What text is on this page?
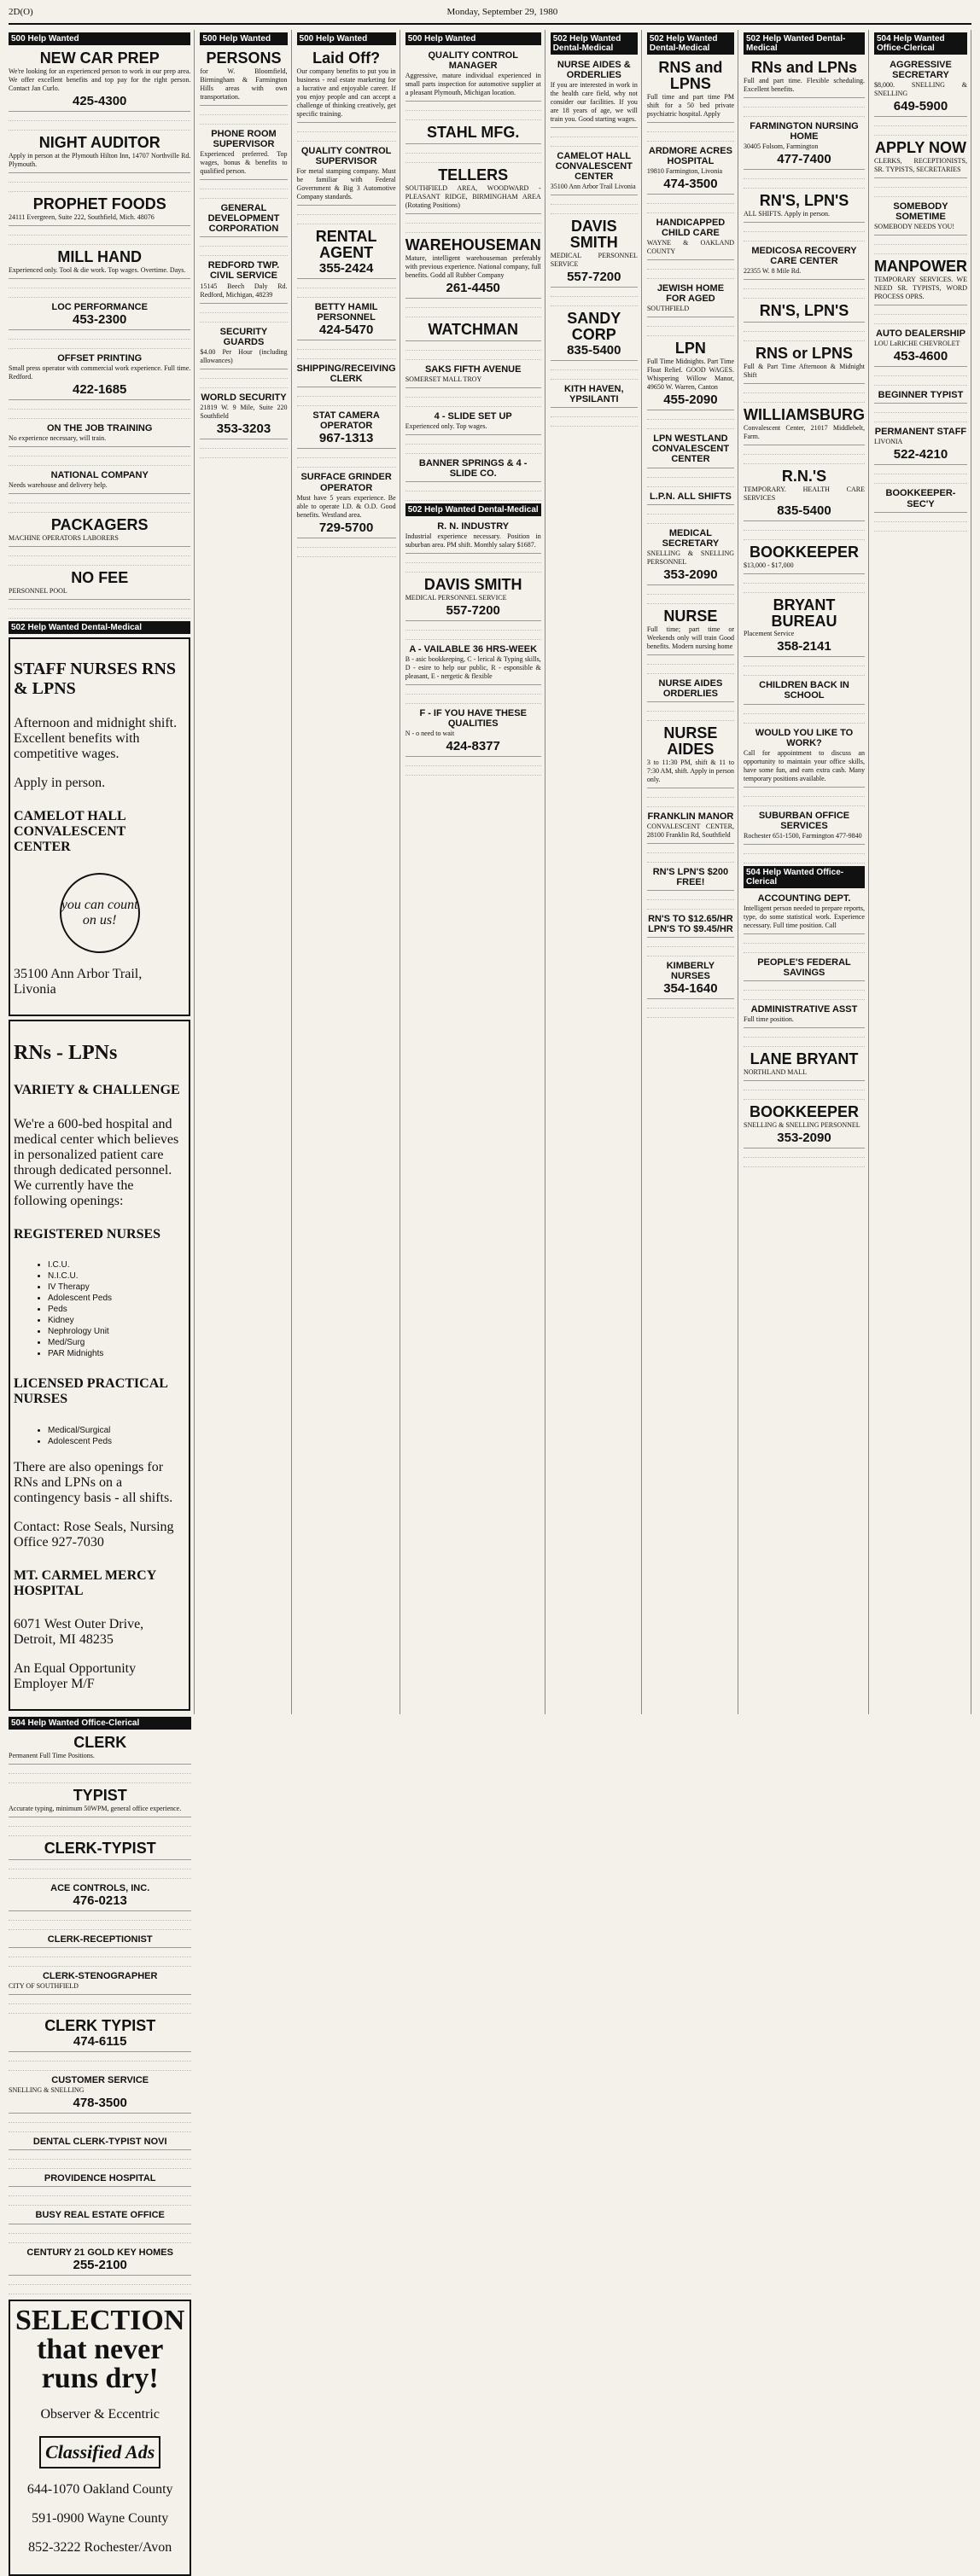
2D(O)	Monday, September 29, 1980
500 Help Wanted
NEW CAR PREP

We're looking for an experienced person to work in our prep area. We offer excellent benefits and top pay for the right person. Contact Jan Curlo.

425-4300
NIGHT AUDITOR

Apply in person at the Plymouth Hilton Inn, 14707 Northville Rd. Plymouth.

PROPHET FOODS

24111 Evergreen, Suite 222, Southfield, Mich. 48076

MILL HAND

Experienced only. Tool & die work. Top wages. Overtime. Days.

LOC PERFORMANCE
453-2300
OFFSET PRINTING

Small press operator with commercial work experience. Full time. Redford.

422-1685
ON THE JOB TRAINING

No experience necessary, will train.

NATIONAL COMPANY

Needs warehouse and delivery help.

PACKAGERS

MACHINE OPERATORS LABORERS

NO FEE

PERSONNEL POOL

502 Help Wanted Dental-Medical
STAFF NURSES RNS & LPNS

Afternoon and midnight shift. Excellent benefits with competitive wages.

Apply in person.

CAMELOT HALL CONVALESCENT CENTER
you can count on us!

35100 Ann Arbor Trail, Livonia

RNs - LPNs
VARIETY & CHALLENGE

We're a 600-bed hospital and medical center which believes in personalized patient care through dedicated personnel. We currently have the following openings:

REGISTERED NURSES
• I.C.U.
• N.I.C.U.
• IV Therapy
• Adolescent Peds
• Peds
• Kidney
• Nephrology Unit
• Med/Surg
• PAR Midnights
LICENSED PRACTICAL NURSES
• Medical/Surgical
• Adolescent Peds

There are also openings for RNs and LPNs on a contingency basis - all shifts.

Contact: Rose Seals, Nursing Office 927-7030

MT. CARMEL MERCY HOSPITAL

6071 West Outer Drive, Detroit, MI 48235

An Equal Opportunity Employer M/F

500 Help Wanted
PERSONS

for W. Bloomfield, Birmingham & Farmington Hills areas with own transportation.

PHONE ROOM SUPERVISOR

Experienced preferred. Top wages, bonus & benefits to qualified person.

GENERAL DEVELOPMENT CORPORATION
REDFORD TWP. CIVIL SERVICE

15145 Beech Daly Rd. Redford, Michigan, 48239

SECURITY GUARDS

$4.00 Per Hour (including allowances)

WORLD SECURITY

21819 W. 9 Mile, Suite 220 Southfield

353-3203
500 Help Wanted
Laid Off?

Our company benefits to put you in business - real estate marketing for a lucrative and enjoyable career. If you enjoy people and can accept a challenge of thinking creatively, get specific training.

QUALITY CONTROL SUPERVISOR

For metal stamping company. Must be familiar with Federal Government & Big 3 Automotive Company standards.

RENTAL AGENT
355-2424
BETTY HAMIL PERSONNEL
424-5470
SHIPPING/RECEIVING CLERK
STAT CAMERA OPERATOR
967-1313
SURFACE GRINDER OPERATOR

Must have 5 years experience. Be able to operate I.D. & O.D. Good benefits. Westland area.

729-5700
500 Help Wanted
QUALITY CONTROL MANAGER

Aggressive, mature individual experienced in small parts inspection for automotive supplier at a pleasant Plymouth, Michigan location.

STAHL MFG.
TELLERS

SOUTHFIELD AREA, WOODWARD - PLEASANT RIDGE, BIRMINGHAM AREA (Rotating Positions)

WAREHOUSEMAN

Mature, intelligent warehouseman preferably with previous experience. National company, full benefits. Godd all Rubber Company

261-4450
WATCHMAN
SAKS FIFTH AVENUE

SOMERSET MALL TROY

4 - SLIDE SET UP

Experienced only. Top wages.

BANNER SPRINGS & 4 - SLIDE CO.
502 Help Wanted Dental-Medical
R. N. INDUSTRY

Industrial experience necessary. Position in suburban area. PM shift. Monthly salary $1687.

DAVIS SMITH

MEDICAL PERSONNEL SERVICE

557-7200
A - VAILABLE 36 HRS-WEEK

B - asic bookkeeping, C - lerical & Typing skills, D - esire to help our public, R - esponsible & pleasant, E - nergetic & flexible

F - IF YOU HAVE THESE QUALITIES

N - o need to wait

424-8377
502 Help Wanted Dental-Medical
NURSE AIDES & ORDERLIES

If you are interested in work in the health care field, why not consider our facilities. If you are 18 years of age, we will train you. Good starting wages.

CAMELOT HALL CONVALESCENT CENTER

35100 Ann Arbor Trail Livonia

DAVIS SMITH

MEDICAL PERSONNEL SERVICE

557-7200
SANDY CORP
835-5400
KITH HAVEN, YPSILANTI
502 Help Wanted Dental-Medical
RNS and LPNS

Full time and part time PM shift for a 50 bed private psychiatric hospital. Apply

ARDMORE ACRES HOSPITAL

19810 Farmington, Livonia

474-3500
HANDICAPPED CHILD CARE

WAYNE & OAKLAND COUNTY

JEWISH HOME FOR AGED

SOUTHFIELD

LPN

Full Time Midnights. Part Time Float Relief. GOOD WAGES. Whispering Willow Manor, 49650 W. Warren, Canton

455-2090
LPN WESTLAND CONVALESCENT CENTER
L.P.N. ALL SHIFTS
MEDICAL SECRETARY

SNELLING & SNELLING PERSONNEL

353-2090
NURSE

Full time; part time or Weekends only will train Good benefits. Modern nursing home

NURSE AIDES ORDERLIES
NURSE AIDES

3 to 11:30 PM, shift & 11 to 7:30 AM, shift. Apply in person only.

FRANKLIN MANOR

CONVALESCENT CENTER, 28100 Franklin Rd, Southfield

RN'S LPN'S $200 FREE!
RN'S TO $12.65/HR LPN'S TO $9.45/HR
KIMBERLY NURSES
354-1640
502 Help Wanted Dental-Medical
RNs and LPNs

Full and part time. Flexible scheduling. Excellent benefits.

FARMINGTON NURSING HOME

30405 Folsom, Farmington

477-7400
RN'S, LPN'S

ALL SHIFTS. Apply in person.

MEDICOSA RECOVERY CARE CENTER

22355 W. 8 Mile Rd.

RN'S, LPN'S
RNS or LPNS

Full & Part Time Afternoon & Midnight Shift

WILLIAMSBURG

Convalescent Center, 21017 Middlebelt, Farm.

R.N.'S

TEMPORARY. HEALTH CARE SERVICES

835-5400
BOOKKEEPER

$13,000 - $17,000

BRYANT BUREAU

Placement Service

358-2141
CHILDREN BACK IN SCHOOL
WOULD YOU LIKE TO WORK?

Call for appointment to discuss an opportunity to maintain your office skills, have some fun, and earn extra cash. Many temporary positions available.

SUBURBAN OFFICE SERVICES

Rochester 651-1500, Farmington 477-9840

504 Help Wanted Office-Clerical
ACCOUNTING DEPT.

Intelligent person needed to prepare reports, type, do some statistical work. Experience necessary. Full time position. Call

PEOPLE'S FEDERAL SAVINGS
ADMINISTRATIVE ASST

Full time position.

LANE BRYANT

NORTHLAND MALL

BOOKKEEPER

SNELLING & SNELLING PERSONNEL

353-2090
504 Help Wanted Office-Clerical
AGGRESSIVE SECRETARY

$8,000. SNELLING & SNELLING

649-5900
APPLY NOW

CLERKS, RECEPTIONISTS, SR. TYPISTS, SECRETARIES

SOMEBODY SOMETIME

SOMEBODY NEEDS YOU!

MANPOWER

TEMPORARY SERVICES. WE NEED SR. TYPISTS, WORD PROCESS OPRS.

AUTO DEALERSHIP

LOU LaRICHE CHEVROLET

453-4600
BEGINNER TYPIST
PERMANENT STAFF

LIVONIA

522-4210
BOOKKEEPER-SEC'Y
504 Help Wanted Office-Clerical
CLERK

Permanent Full Time Positions.

TYPIST

Accurate typing, minimum 50WPM, general office experience.

CLERK-TYPIST
ACE CONTROLS, INC.
476-0213
CLERK-RECEPTIONIST
CLERK-STENOGRAPHER

CITY OF SOUTHFIELD

CLERK TYPIST
474-6115
CUSTOMER SERVICE

SNELLING & SNELLING

478-3500
DENTAL CLERK-TYPIST NOVI
PROVIDENCE HOSPITAL
BUSY REAL ESTATE OFFICE
CENTURY 21 GOLD KEY HOMES
255-2100
SELECTION that never runs dry!

Observer & Eccentric

Classified Ads

644-1070 Oakland County

591-0900 Wayne County

852-3222 Rochester/Avon
